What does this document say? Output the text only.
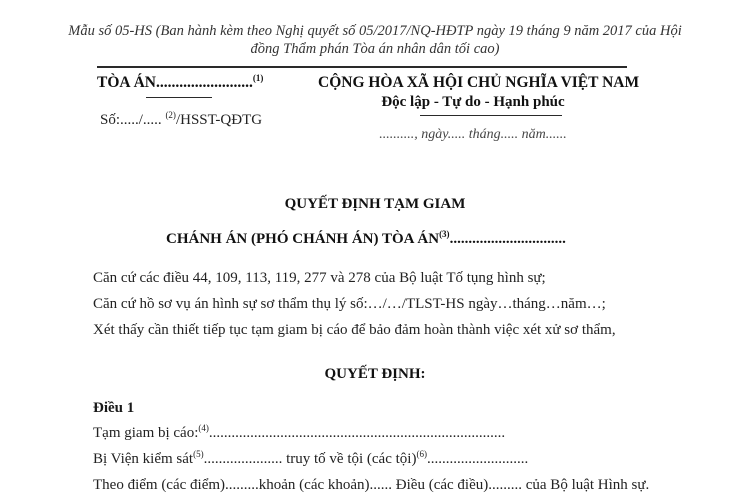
Mẫu số 05-HS (Ban hành kèm theo Nghị quyết số 05/2017/NQ-HĐTP ngày 19 tháng 9 năm 2017 của Hội
đồng Thẩm phán Tòa án nhân dân tối cao)
TÒA ÁN.........................$^{(1)}$
Số:...../..... $^{(2)}$/HSST-QĐTG
CỘNG HÒA XÃ HỘI CHỦ NGHĨA VIỆT NAM
Độc lập - Tự do - Hạnh phúc
.........., ngày..... tháng..... năm......
QUYẾT ĐỊNH TẠM GIAM
CHÁNH ÁN (PHÓ CHÁNH ÁN) TÒA ÁN$^{(3)}$...............................
Căn cứ các điều 44, 109, 113, 119, 277 và 278 của Bộ luật Tố tụng hình sự;
Căn cứ hồ sơ vụ án hình sự sơ thẩm thụ lý số:…/…/TLST-HS ngày…tháng…năm…;
Xét thấy cần thiết tiếp tục tạm giam bị cáo để bảo đảm hoàn thành việc xét xử sơ thẩm,
QUYẾT ĐỊNH:
Điều 1
Tạm giam bị cáo:$^{(4)}$...............................................................................
Bị Viện kiểm sát$^{(5)}$..................... truy tố về tội (các tội)$^{(6)}$...........................
Theo điểm (các điểm).........khoản (các khoản)...... Điều (các điều)......... của Bộ luật Hình sự.
